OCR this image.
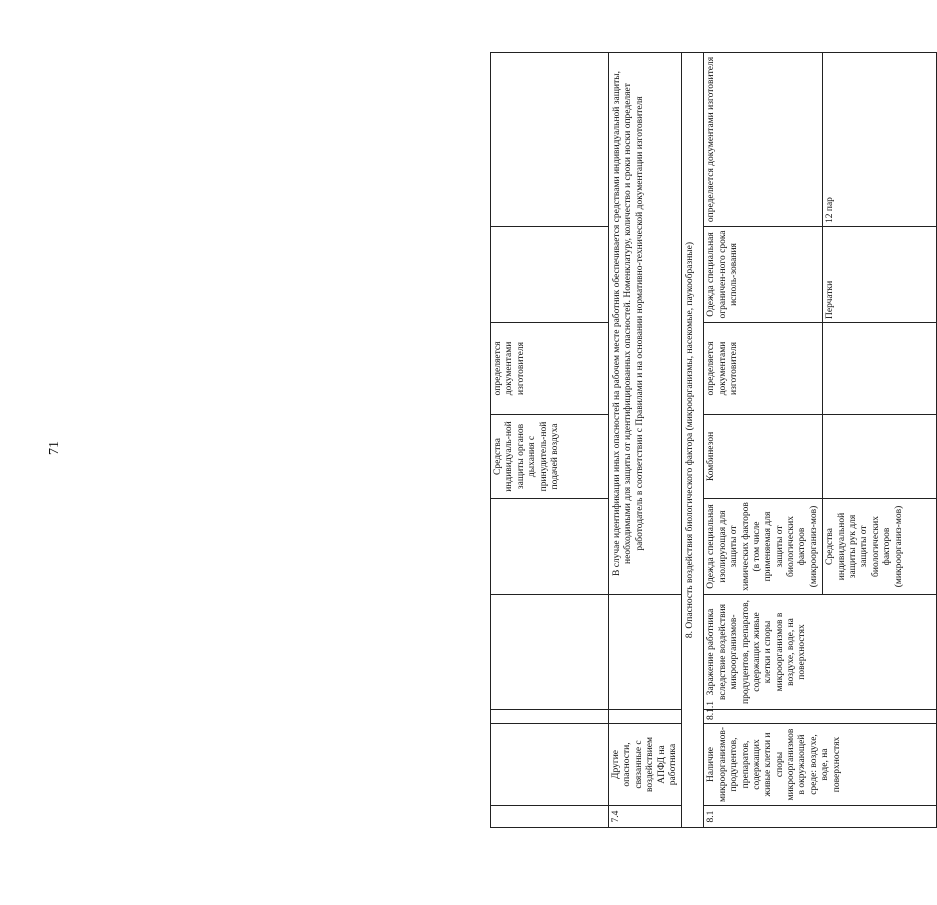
71
						Средства индивидуаль-ной защиты органов дыхания с принудитель-ной подачей воздуха	определяется документами изготовителя		
7.4	Другие опасности, связанные с воздействием АПФД на работника			В случае идентификации иных опасностей на рабочем месте работник обеспечивается средствами индивидуальной защиты, необходимыми для защиты от идентифицированных опасностей. Номенклатуру, количество и сроки носки определяет работодатель в соответствии с Правилами и на основании нормативно-технической документации изготовителя				
8. Опасность воздействия биологического фактора (микроорганизмы, насекомые, паукообразные)								
8.1	Наличие микроорганизмов-продуцентов, препаратов, содержащих живые клетки и споры микроорганизмов в окружающей среде: воздухе, воде, на поверхностях	8.1.1	Заражение работника вследствие воздействия микроорганизмов-продуцентов, препаратов, содержащих живые клетки и споры микроорганизмов в воздухе, воде, на поверхностях	Одежда специальная изолирующая для защиты от химических факторов (в том числе применяемая для защиты от биологических факторов (микроорганиз-мов)	Комбинезон	определяется документами изготовителя	Одежда специальная ограничен-ного срока исполь-зования	определяется документами изготовителя
				Средства индивидуальной защиты рук для защиты от биологических факторов (микроорганиз-мов)			Перчатки	12 пар
